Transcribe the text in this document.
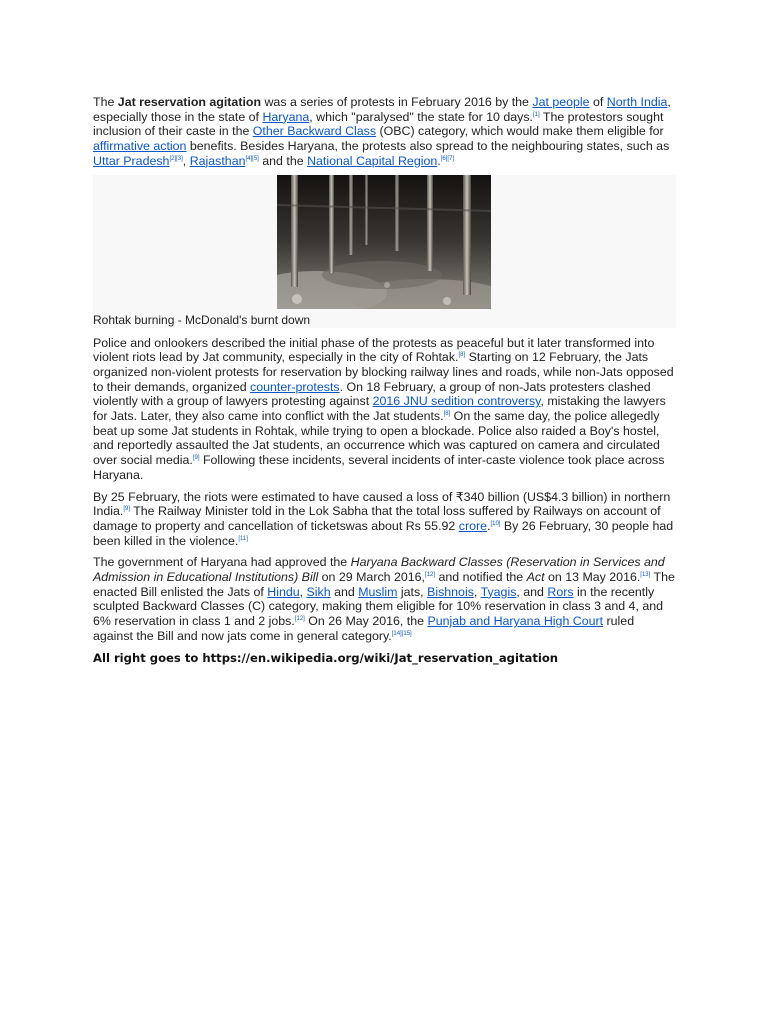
The Jat reservation agitation was a series of protests in February 2016 by the Jat people of North India, especially those in the state of Haryana, which "paralysed" the state for 10 days.[1] The protestors sought inclusion of their caste in the Other Backward Class (OBC) category, which would make them eligible for affirmative action benefits. Besides Haryana, the protests also spread to the neighbouring states, such as Uttar Pradesh[2][3], Rajasthan[4][5] and the National Capital Region.[6][7]

Rohtak burning - McDonald's burnt down

Police and onlookers described the initial phase of the protests as peaceful but it later transformed into violent riots lead by Jat community, especially in the city of Rohtak.[8] Starting on 12 February, the Jats organized non-violent protests for reservation by blocking railway lines and roads, while non-Jats opposed to their demands, organized counter-protests. On 18 February, a group of non-Jats protesters clashed violently with a group of lawyers protesting against 2016 JNU sedition controversy, mistaking the lawyers for Jats. Later, they also came into conflict with the Jat students.[8] On the same day, the police allegedly beat up some Jat students in Rohtak, while trying to open a blockade. Police also raided a Boy's hostel, and reportedly assaulted the Jat students, an occurrence which was captured on camera and circulated over social media.[9] Following these incidents, several incidents of inter-caste violence took place across Haryana.

By 25 February, the riots were estimated to have caused a loss of ₹340 billion (US$4.3 billion) in northern India.[9] The Railway Minister told in the Lok Sabha that the total loss suffered by Railways on account of damage to property and cancellation of ticketswas about Rs 55.92 crore.[10] By 26 February, 30 people had been killed in the violence.[11]

The government of Haryana had approved the Haryana Backward Classes (Reservation in Services and Admission in Educational Institutions) Bill on 29 March 2016,[12] and notified the Act on 13 May 2016.[13] The enacted Bill enlisted the Jats of Hindu, Sikh and Muslim jats, Bishnois, Tyagis, and Rors in the recently sculpted Backward Classes (C) category, making them eligible for 10% reservation in class 3 and 4, and 6% reservation in class 1 and 2 jobs.[12] On 26 May 2016, the Punjab and Haryana High Court ruled against the Bill and now jats come in general category.[14][15]

All right goes to https://en.wikipedia.org/wiki/Jat_reservation_agitation
